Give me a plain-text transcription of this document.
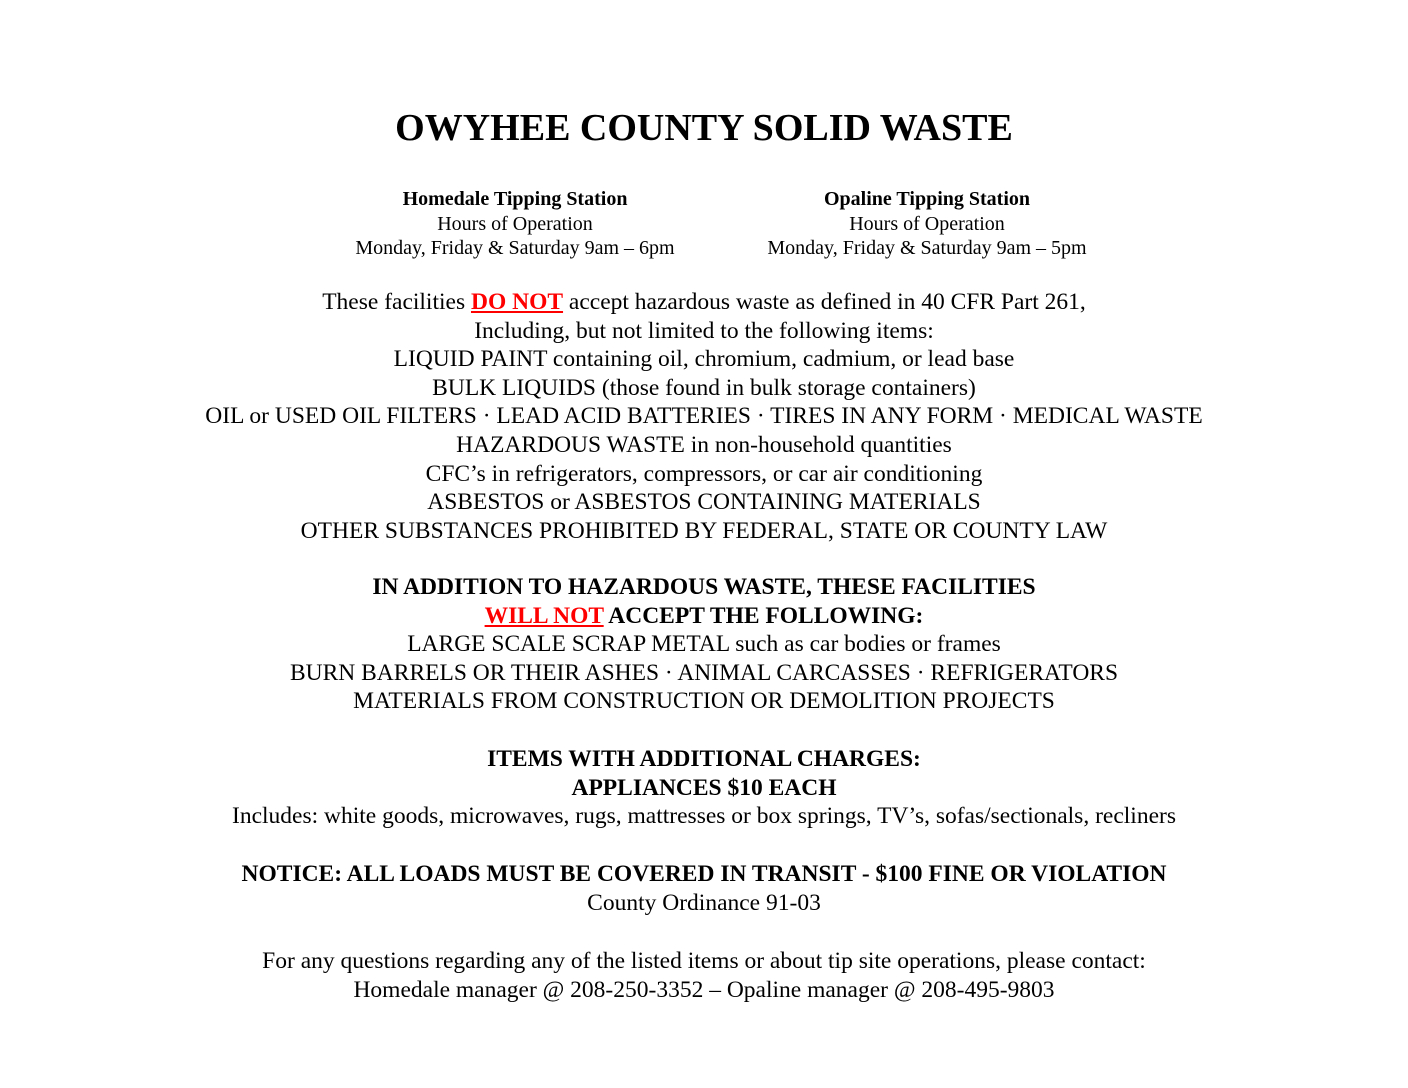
OWYHEE COUNTY SOLID WASTE
Homedale Tipping Station
Hours of Operation
Monday, Friday & Saturday 9am – 6pm
Opaline Tipping Station
Hours of Operation
Monday, Friday & Saturday 9am – 5pm
These facilities DO NOT accept hazardous waste as defined in 40 CFR Part 261,
Including, but not limited to the following items:
LIQUID PAINT containing oil, chromium, cadmium, or lead base
BULK LIQUIDS (those found in bulk storage containers)
OIL or USED OIL FILTERS · LEAD ACID BATTERIES · TIRES IN ANY FORM · MEDICAL WASTE
HAZARDOUS WASTE in non-household quantities
CFC’s in refrigerators, compressors, or car air conditioning
ASBESTOS or ASBESTOS CONTAINING MATERIALS
OTHER SUBSTANCES PROHIBITED BY FEDERAL, STATE OR COUNTY LAW
IN ADDITION TO HAZARDOUS WASTE, THESE FACILITIES
WILL NOT ACCEPT THE FOLLOWING:
LARGE SCALE SCRAP METAL such as car bodies or frames
BURN BARRELS OR THEIR ASHES · ANIMAL CARCASSES · REFRIGERATORS
MATERIALS FROM CONSTRUCTION OR DEMOLITION PROJECTS
ITEMS WITH ADDITIONAL CHARGES:
APPLIANCES $10 EACH
Includes: white goods, microwaves, rugs, mattresses or box springs, TV’s, sofas/sectionals, recliners
NOTICE: ALL LOADS MUST BE COVERED IN TRANSIT - $100 FINE OR VIOLATION
County Ordinance 91-03
For any questions regarding any of the listed items or about tip site operations, please contact:
Homedale manager @ 208-250-3352 – Opaline manager @ 208-495-9803
